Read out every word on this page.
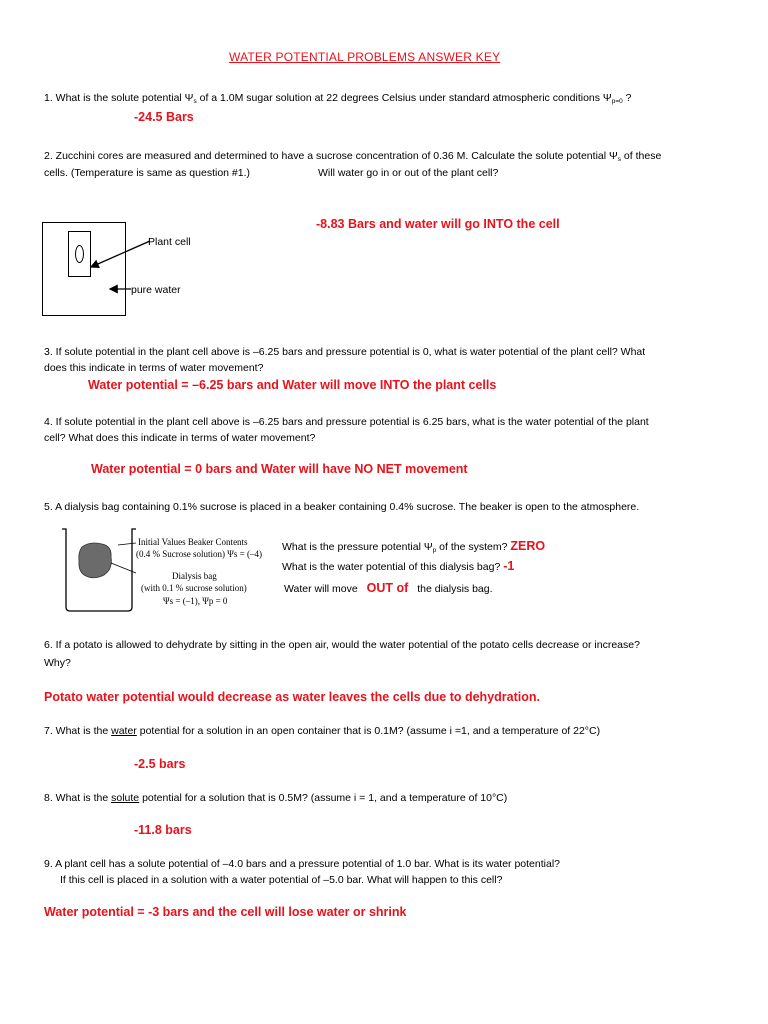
WATER POTENTIAL PROBLEMS ANSWER KEY
1. What is the solute potential $\Psi_s$ of a 1.0M sugar solution at 22 degrees Celsius under standard atmospheric conditions $\Psi_{p=0}$ ?
-24.5 Bars
2. Zucchini cores are measured and determined to have a sucrose concentration of 0.36 M. Calculate the solute potential $\Psi_s$ of these
cells. (Temperature is same as question #1.)	Will water go in or out of the plant cell?
Plant cell
pure water
-8.83 Bars and water will go INTO the cell
3. If solute potential in the plant cell above is –6.25 bars and pressure potential is 0, what is water potential of the plant cell? What
does this indicate in terms of water movement?
Water potential = –6.25 bars and Water will move INTO the plant cells
4. If solute potential in the plant cell above is –6.25 bars and pressure potential is 6.25 bars, what is the water potential of the plant
cell? What does this indicate in terms of water movement?
Water potential = 0 bars and Water will have NO NET movement
5. A dialysis bag containing 0.1% sucrose is placed in a beaker containing 0.4% sucrose. The beaker is open to the atmosphere.
Initial Values Beaker Contents
(0.4 % Sucrose solution) Ψs = (–4)
Dialysis bag
(with 0.1 % sucrose solution)
Ψs = (–1), Ψp = 0
What is the pressure potential $\Psi_p$ of the system? ZERO
What is the water potential of this dialysis bag? -1
Water will move OUT of the dialysis bag.
6. If a potato is allowed to dehydrate by sitting in the open air, would the water potential of the potato cells decrease or increase?
Why?
Potato water potential would decrease as water leaves the cells due to dehydration.
7. What is the water potential for a solution in an open container that is 0.1M? (assume i =1, and a temperature of 22°C)
-2.5 bars
8. What is the solute potential for a solution that is 0.5M? (assume i = 1, and a temperature of 10°C)
-11.8 bars
9. A plant cell has a solute potential of –4.0 bars and a pressure potential of 1.0 bar. What is its water potential?
If this cell is placed in a solution with a water potential of –5.0 bar. What will happen to this cell?
Water potential = -3 bars and the cell will lose water or shrink
